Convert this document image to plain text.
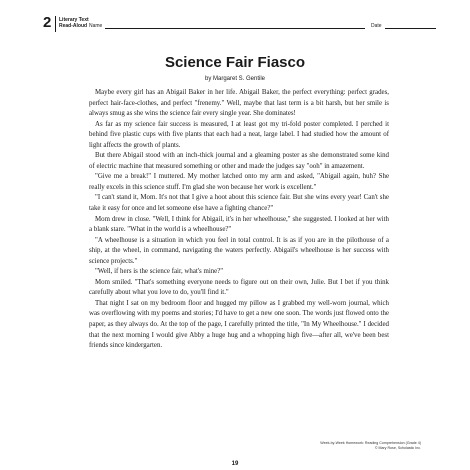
2 Literary Text
Read-Aloud Name	Date
Science Fair Fiasco
by Margaret S. Gentile

Maybe every girl has an Abigail Baker in her life. Abigail Baker, the perfect everything: perfect grades, perfect hair-face-clothes, and perfect "frenemy." Well, maybe that last term is a bit harsh, but her smile is always smug as she wins the science fair every single year. She dominates!

As far as my science fair success is measured, I at least got my tri-fold poster completed. I perched it behind five plastic cups with five plants that each had a neat, large label. I had studied how the amount of light affects the growth of plants.

But there Abigail stood with an inch-thick journal and a gleaming poster as she demonstrated some kind of electric machine that measured something or other and made the judges say "ooh" in amazement.

"Give me a break!" I muttered. My mother latched onto my arm and asked, "Abigail again, huh? She really excels in this science stuff. I'm glad she won because her work is excellent."

"I can't stand it, Mom. It's not that I give a hoot about this science fair. But she wins every year! Can't she take it easy for once and let someone else have a fighting chance?"

Mom drew in close. "Well, I think for Abigail, it's in her wheelhouse," she suggested. I looked at her with a blank stare. "What in the world is a wheelhouse?"

"A wheelhouse is a situation in which you feel in total control. It is as if you are in the pilothouse of a ship, at the wheel, in command, navigating the waters perfectly. Abigail's wheelhouse is her success with science projects."

"Well, if hers is the science fair, what's mine?"

Mom smiled. "That's something everyone needs to figure out on their own, Julie. But I bet if you think carefully about what you love to do, you'll find it."

That night I sat on my bedroom floor and hugged my pillow as I grabbed my well-worn journal, which was overflowing with my poems and stories; I'd have to get a new one soon. The words just flowed onto the paper, as they always do. At the top of the page, I carefully printed the title, "In My Wheelhouse." I decided that the next morning I would give Abby a huge hug and a whopping high five—after all, we've been best friends since kindergarten.

Week-by-Week Homework: Reading Comprehension (Grade 4)
© Mary Rose, Scholastic Inc.
19
